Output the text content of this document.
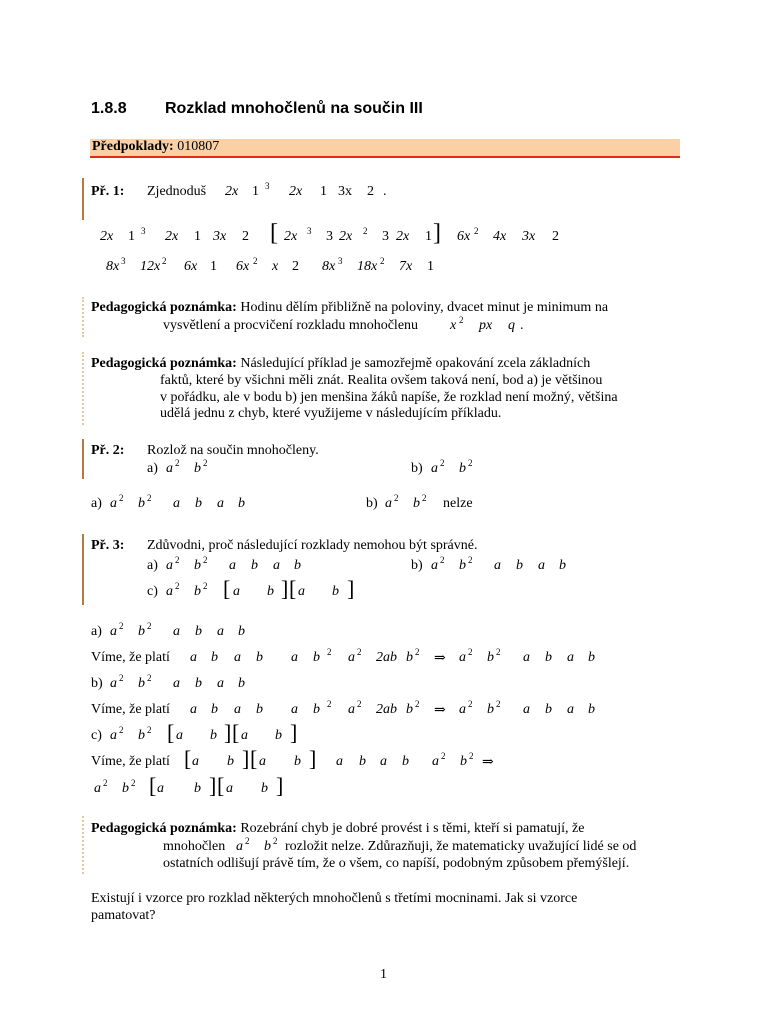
1.8.8 Rozklad mnohočlenů na součin III
Předpoklady: 010807
Př. 1: Zjednoduš 2x 1 3 2x 1 3x 2 .
2x 1 3 2x 1 3x 2 [ 2x 3 3 2x 2 3 2x 1 ] 6x 2 4x 3x 2
8x 3 12x 2 6x 1 6x 2 x 2 8x 3 18x 2 7x 1
Pedagogická poznámka: Hodinu dělím přibližně na poloviny, dvacet minut je minimum na
vysvětlení a procvičení rozkladu mnohočlenu x 2 px q .
Pedagogická poznámka: Následující příklad je samozřejmě opakování zcela základních
faktů, které by všichni měli znát. Realita ovšem taková není, bod a) je většinou
v pořádku, ale v bodu b) jen menšina žáků napíše, že rozklad není možný, většina
udělá jednu z chyb, které využijeme v následujícím příkladu.
Př. 2: Rozlož na součin mnohočleny.
a) a 2 b 2	b) a 2 b 2
a) a 2 b 2 a b a b	b) a 2 b 2 nelze
Př. 3: Zdůvodni, proč následující rozklady nemohou být správné.
a) a 2 b 2 a b a b	b) a 2 b 2 a b a b
c) a 2 b 2 [ a b ] [ a b ]
a) a 2 b 2 a b a b
Víme, že platí a b a b a b 2 a 2 2ab b 2 ⇒ a 2 b 2 a b a b
b) a 2 b 2 a b a b
Víme, že platí a b a b a b 2 a 2 2ab b 2 ⇒ a 2 b 2 a b a b
c) a 2 b 2 [ a b ] [ a b ]
Víme, že platí [ a b ] [ a b ] a b a b a 2 b 2 ⇒
a 2 b 2 [ a b ] [ a b ]
Pedagogická poznámka: Rozebrání chyb je dobré provést i s těmi, kteří si pamatují, že
mnohočlen a 2 b 2 rozložit nelze. Zdůrazňuji, že matematicky uvažující lidé se od
ostatních odlišují právě tím, že o všem, co napíší, podobným způsobem přemýšlejí.
Existují i vzorce pro rozklad některých mnohočlenů s třetími mocninami. Jak si vzorce
pamatovat?
1
